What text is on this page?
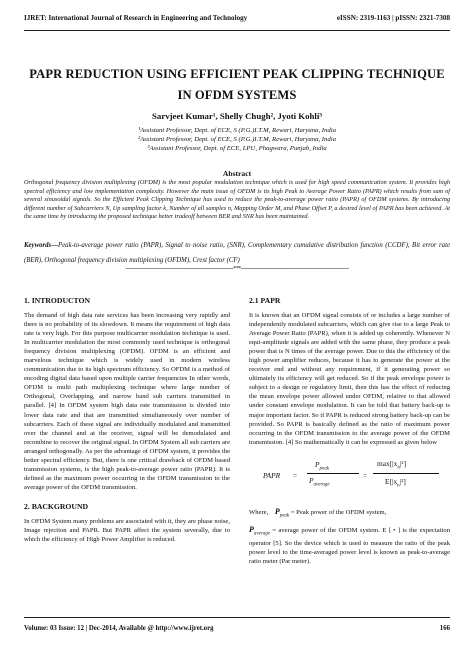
IJRET: International Journal of Research in Engineering and Technology	eISSN: 2319-1163 | pISSN: 2321-7308
PAPR REDUCTION USING EFFICIENT PEAK CLIPPING TECHNIQUE
IN OFDM SYSTEMS
Sarvjeet Kumar¹, Shelly Chugh², Jyoti Kohli³
¹Assistant Professor, Dept. of ECE, S (P.G.)I.T.M, Rewari, Haryana, India
²Assistant Professor, Dept. of ECE, S (P.G.)I.T.M, Rewari, Haryana, India
³Assistant Professor, Dept. of ECE, LPU, Phagwara, Punjab, India
Abstract
Orthogonal frequency division multiplexing (OFDM) is the most popular modulation technique which is used for high speed communication system. It provides high spectral efficiency and low implementation complexity. However the main issue of OFDM is its high Peak to Average Power Ratio (PAPR) which results from sum of several sinusoidal signals. So the Efficient Peak Clipping Technique has used to reduce the peak-to-average power ratio (PAPR) of OFDM systems. By introducing different number of Subcarriers N, Up sampling factor k, Number of all samples n, Mapping Order M, and Phase Offset P, a desired level of PAPR has been achieved. At the same time by introducing the proposed technique better tradeoff between BER and SNR has been maintained.
Keywords—Peak-to-average power ratio (PAPR), Signal to noise ratio, (SNR), Complementary cumulative distribution function (CCDF), Bit error rate (BER), Orthogonal frequency division multiplexing (OFDM), Crest factor (CF)
------------------------------------------------------------------------***------------------------------------------------------------------------
1. INTRODUCTON

The demand of high data rate services has been increasing very rapidly and there is no probability of its slowdown. It means the requirement of high data rate is very high. For this purpose multicarrier modulation technique is used. In multicarrier modulation the most commonly used technique is orthogonal frequency division multiplexing (OFDM). OFDM is an efficient and marvelous technique which is widely used in modern wireless communication due to its high spectrum efficiency. So OFDM is a method of encoding digital data based upon multiple carrier frequencies In other words, OFDM is multi path multiplexing technique where large number of Orthogonal, Overlapping, and narrow band sub carriers transmitted in parallel. [4] In OFDM system high data rate transmission is divided into lower data rate and that are transmitted simultaneously over number of subcarriers. Each of these signal are individually modulated and transmitted over the channel and at the receiver, signal will be demodulated and recombine to recover the original signal. In OFDM System all sub carriers are arranged orthogonally. As per the advantage of OFDM system, it provides the better spectral efficiency. But, there is one critical drawback of OFDM based transmission systems, is the high peak-to-average power ratio (PAPR). It is defined as the maximum power occurring in the OFDM transmission to the average power of the OFDM transmission.

2. BACKGROUND

In OFDM System many problems are associated with it, they are phase noise, Image rejection and PAPR. But PAPR affect the system severally, due to which the efficiency of High Power Amplifier is reduced.

2.1 PAPR

It is known that an OFDM signal consists of or includes a large number of independently modulated subcarriers, which can give rise to a large Peak to Average Power Ratio (PAPR), when it is added up coherently. Whenever N equi-amplitude signals are added with the same phase, they produce a peak power that is N times of the average power. Due to this the efficiency of the high power amplifier reduces, because it has to generate the power at the receiver end and without any requirement, if it generating power so ultimately its efficiency will get reduced. So if the peak envelope power is subject to a design or regulatory limit, then this has the effect of reducing the mean envelope power allowed under OFDM, relative to that allowed under constant envelope modulation. It can be told that battery back-up is major important factor. So if PAPR is reduced strong battery back-up can be provided. So PAPR is basically defined as the ratio of maximum power occurring in the OFDM transmission to the average power of the OFDM transmission. [4] So mathematically it can be expressed as given below

PAPR =
$P_{peak}$
$P_{average}$
=
$\max[|x_n|^2]$
$E[|x_n|^2]$

Where, $P_{peak}$ = Peak power of the OFDM system,

$P_{average}$ = average power of the OFDM system. E [ • ] is the expectation operator [5]. So the device which is used to measure the ratio of the peak power level to the time-averaged power level is known as peak-to-average ratio meter (Par meter).

Volume: 03 Issue: 12 | Dec-2014, Available @ http://www.ijret.org	166
